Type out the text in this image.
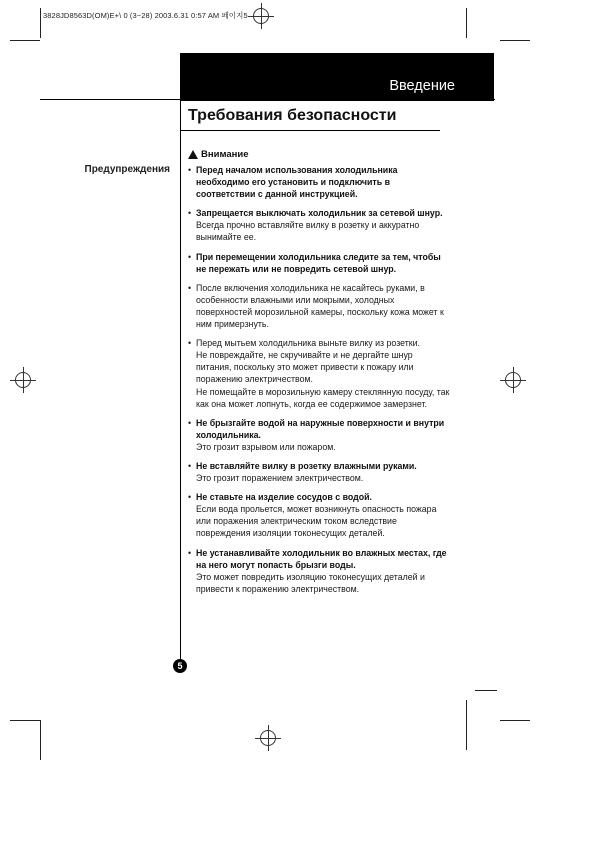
3828JD8563D(OM)E+\ 0 (3~28) 2003.6.31 0:57 AM 페이지5
Введение
Требования безопасности
Предупреждения
Внимание
• Перед началом использования холодильника необходимо его установить и подключить в соответствии с данной инструкцией.
• Запрещается выключать холодильник за сетевой шнур. Всегда прочно вставляйте вилку в розетку и аккуратно вынимайте ее.
• При перемещении холодильника следите за тем, чтобы не пережать или не повредить сетевой шнур.
• После включения холодильника не касайтесь руками, в особенности влажными или мокрыми, холодных поверхностей морозильной камеры, поскольку кожа может к ним примерзнуть.
• Перед мытьем холодильника выньте вилку из розетки.
Не повреждайте, не скручивайте и не дергайте шнур питания, поскольку это может привести к пожару или поражению электричеством.
Не помещайте в морозильную камеру стеклянную посуду, так как она может лопнуть, когда ее содержимое замерзнет.
• Не брызгайте водой на наружные поверхности и внутри холодильника.
Это грозит взрывом или пожаром.
• Не вставляйте вилку в розетку влажными руками.
Это грозит поражением электричеством.
• Не ставьте на изделие сосудов с водой.
Если вода прольется, может возникнуть опасность пожара или поражения электрическим током вследствие повреждения изоляции токонесущих деталей.
• Не устанавливайте холодильник во влажных местах, где на него могут попасть брызги воды.
Это может повредить изоляцию токонесущих деталей и привести к поражению электричеством.
5
